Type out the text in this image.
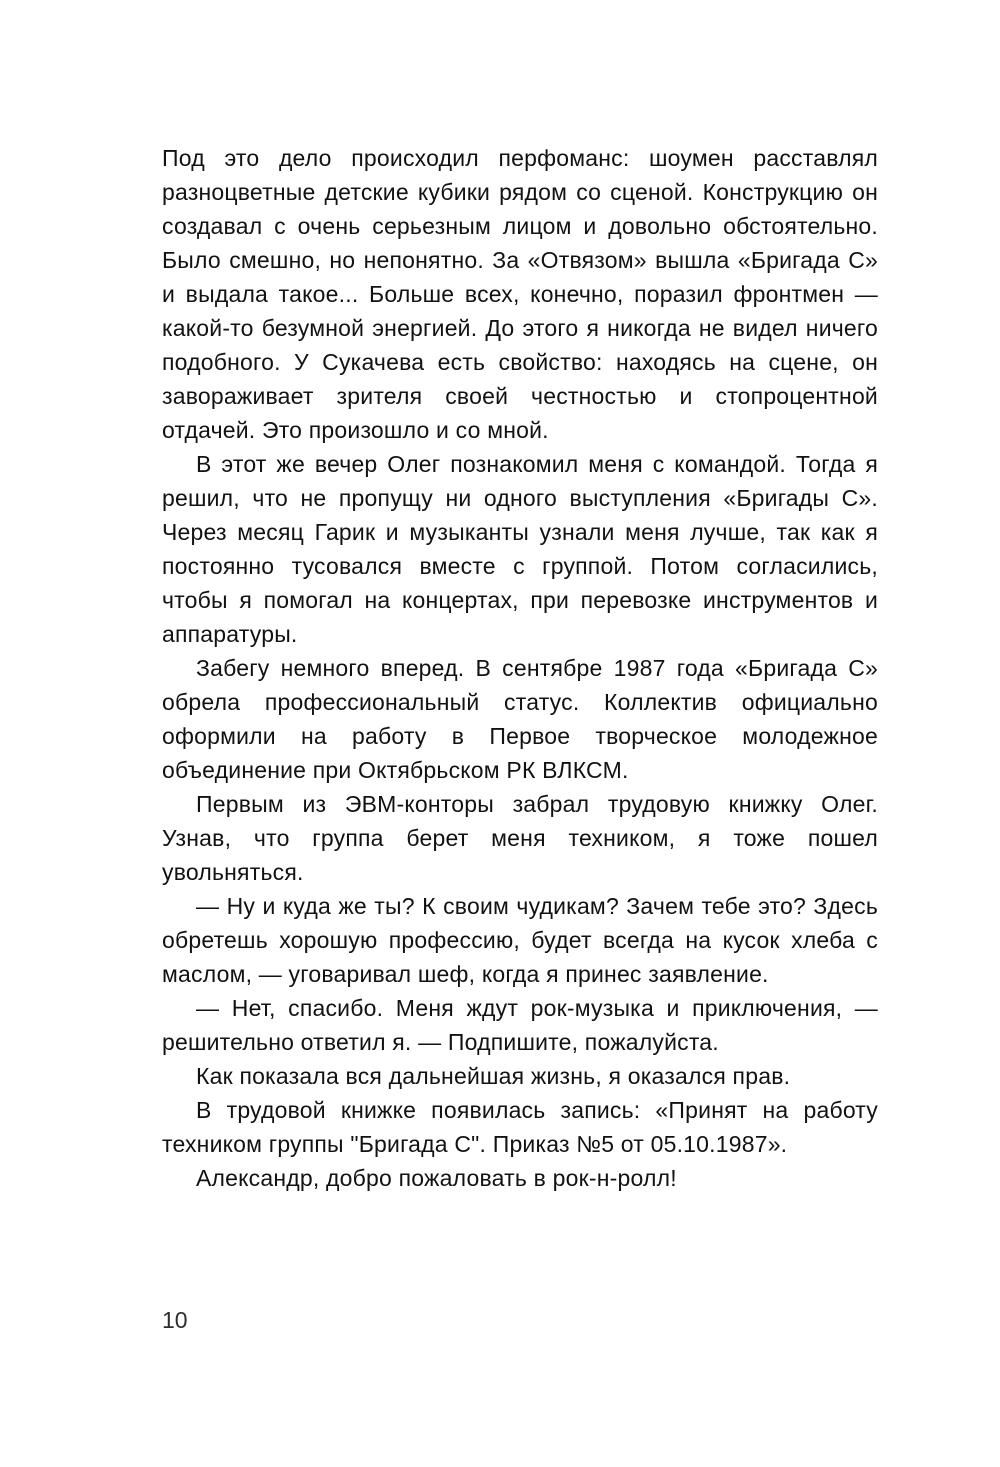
Под это дело происходил перфоманс: шоумен расставлял разноцветные детские кубики рядом со сценой. Конструкцию он создавал с очень серьезным лицом и довольно обстоятельно. Было смешно, но непонятно. За «Отвязом» вышла «Бригада С» и выдала такое... Больше всех, конечно, поразил фронтмен — какой-то безумной энергией. До этого я никогда не видел ничего подобного. У Сукачева есть свойство: находясь на сцене, он завораживает зрителя своей честностью и стопроцентной отдачей. Это произошло и со мной.

В этот же вечер Олег познакомил меня с командой. Тогда я решил, что не пропущу ни одного выступления «Бригады С». Через месяц Гарик и музыканты узнали меня лучше, так как я постоянно тусовался вместе с группой. Потом согласились, чтобы я помогал на концертах, при перевозке инструментов и аппаратуры.

Забегу немного вперед. В сентябре 1987 года «Бригада С» обрела профессиональный статус. Коллектив официально оформили на работу в Первое творческое молодежное объединение при Октябрьском РК ВЛКСМ.

Первым из ЭВМ-конторы забрал трудовую книжку Олег. Узнав, что группа берет меня техником, я тоже пошел увольняться.

— Ну и куда же ты? К своим чудикам? Зачем тебе это? Здесь обретешь хорошую профессию, будет всегда на кусок хлеба с маслом, — уговаривал шеф, когда я принес заявление.

— Нет, спасибо. Меня ждут рок-музыка и приключения, — решительно ответил я. — Подпишите, пожалуйста.

Как показала вся дальнейшая жизнь, я оказался прав.

В трудовой книжке появилась запись: «Принят на работу техником группы "Бригада С". Приказ №5 от 05.10.1987».

Александр, добро пожаловать в рок-н-ролл!

10
